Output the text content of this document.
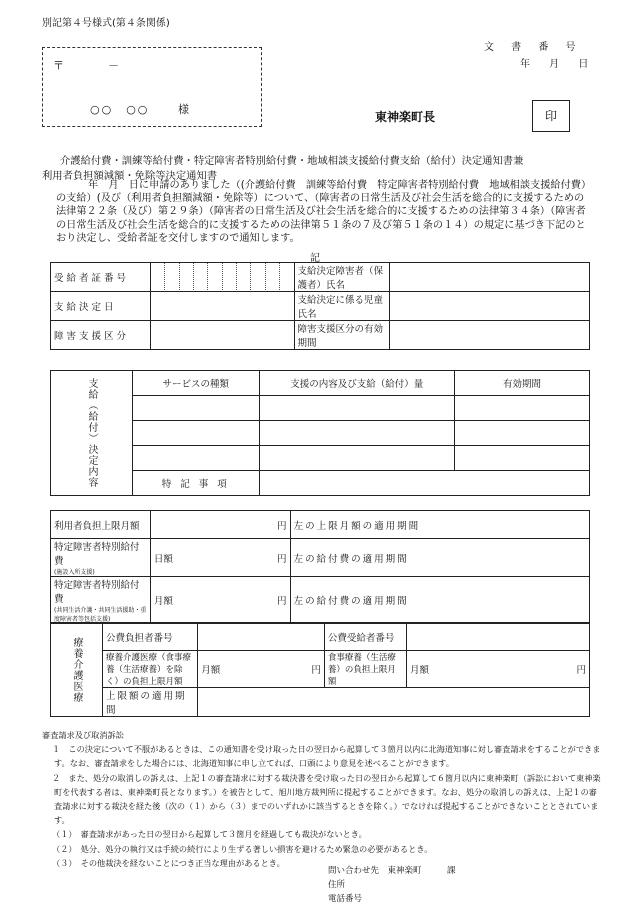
別記第４号様式(第４条関係)
文 書 番 号
年 月 日
〒	－
○○　○○	様
東神楽町長	印
介護給付費・訓練等給付費・特定障害者特別給付費・地域相談支援給付費支給（給付）決定通知書兼
利用者負担額減額・免除等決定通知書
年　月　日に申請のありました（(介護給付費　訓練等給付費　特定障害者特別給付費　地域相談支援給付費）の支給）(及び（利用者負担額減額・免除等）について、（障害者の日常生活及び社会生活を総合的に支援するための法律第２２条（及び）第２９条）（障害者の日常生活及び社会生活を総合的に支援するための法律第３４条）（障害者の日常生活及び社会生活を総合的に支援するための法律第５１条の７及び第５１条の１４）の規定に基づき下記のとおり決定し、受給者証を交付しますので通知します。
記
受給者証番号		支給決定障害者（保護者）氏名	
支給決定日		支給決定に係る児童氏名	
障害支援区分		障害支援区分の有効期間	
支給（給付）決定内容	サービスの種類	支援の内容及び支給（給付）量	有効期間

	特 記 事 項		
利用者負担上限月額	円	左の上限月額の適用期間
特定障害者特別給付費
(施設入所支援)	日額 円	左の給付費の適用期間
特定障害者特別給付費
(共同生活介護・共同生活援助・重度障害者等包括支援)	月額 円	左の給付費の適用期間
療養介護医療	公費負担者番号		公費受給者番号	
	療養介護医療（食事療養（生活療養）を除く）の負担上限月額	月額 円	食事療養（生活療養）の負担上限月額	月額 円

	上限額の適用期間			

審査請求及び取消訴訟

１　この決定について不服があるときは、この通知書を受け取った日の翌日から起算して３箇月以内に北海道知事に対し審査請求をすることができます。なお、審査請求をした場合には、北海道知事に申し立てれば、口頭により意見を述べることができます。

２　また、処分の取消しの訴えは、上記１の審査請求に対する裁決書を受け取った日の翌日から起算して６箇月以内に東神楽町（訴訟において東神楽町を代表する者は、東神楽町長となります。）を被告として、旭川地方裁判所に提起することができます。なお、処分の取消しの訴えは、上記１の審査請求に対する裁決を経た後（次の（１）から（３）までのいずれかに該当するときを除く。）でなければ提起することができないこととされています。

（１）　審査請求があった日の翌日から起算して３箇月を経過しても裁決がないとき。

（２）　処分、処分の執行又は手続の続行により生ずる著しい損害を避けるため緊急の必要があるとき。

（３）　その他裁決を経ないことにつき正当な理由があるとき。

問い合わせ先　東神楽町　　　課
住所
電話番号
